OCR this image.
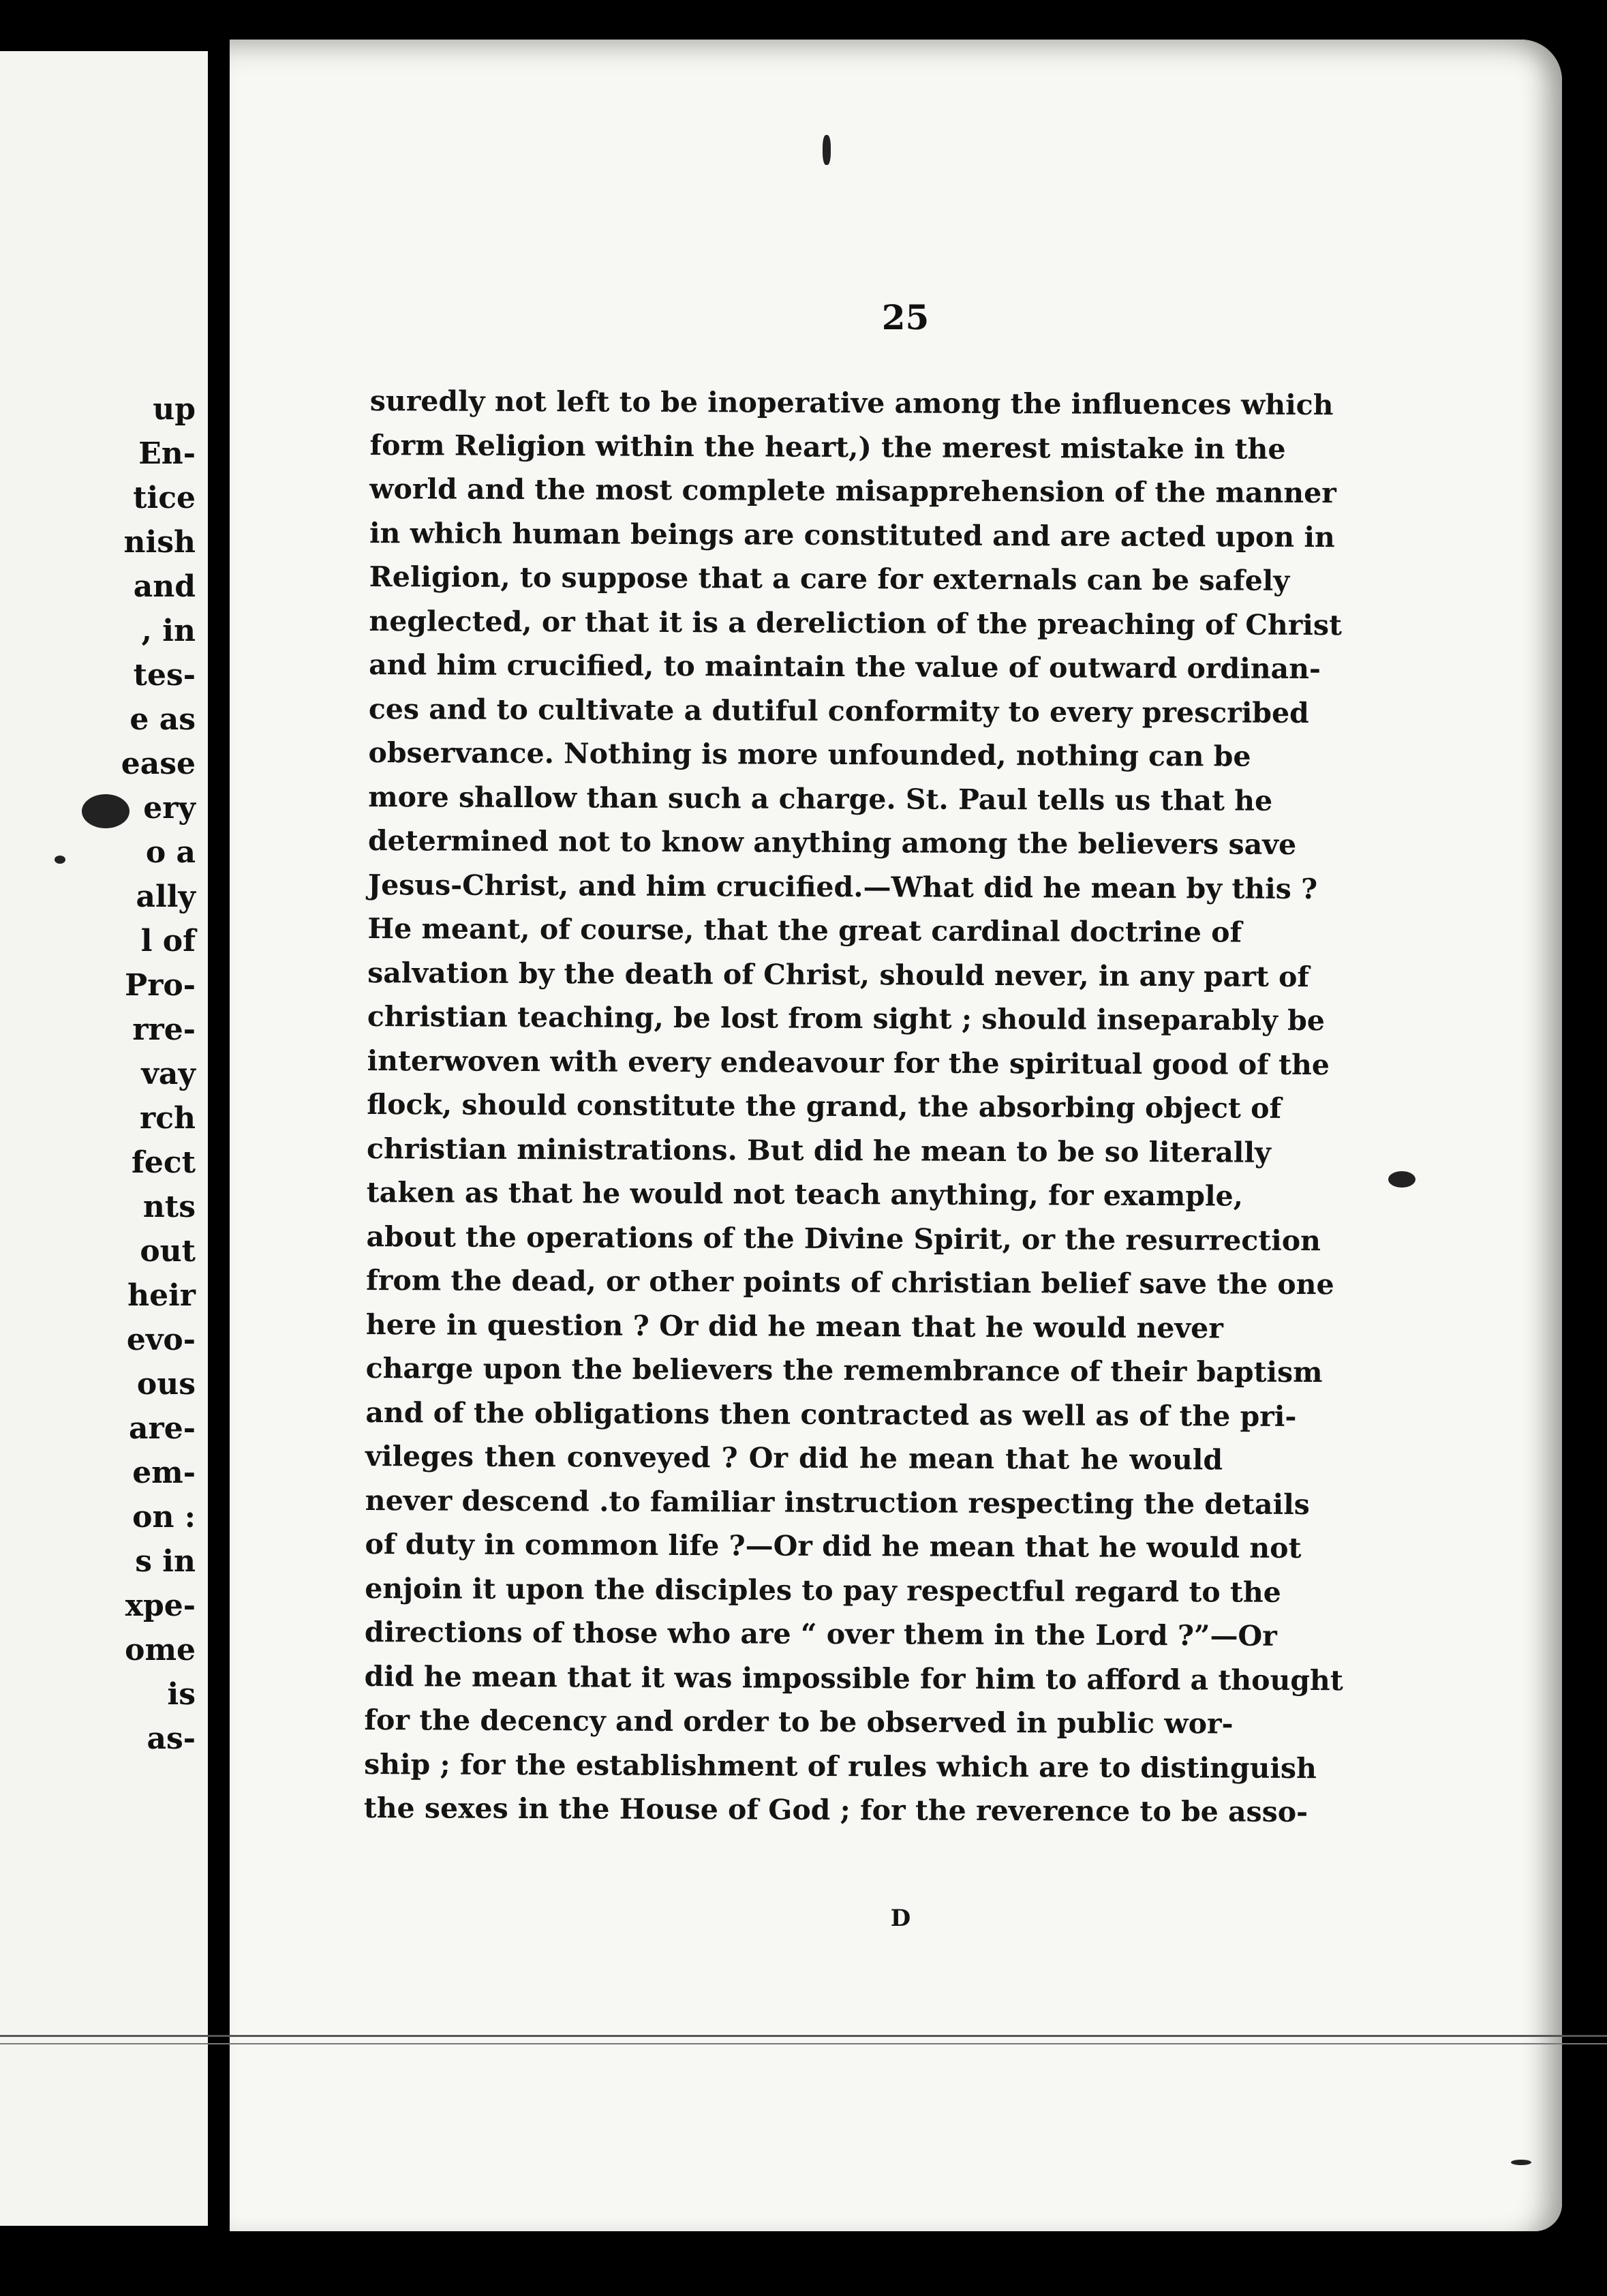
up
En-
tice
nish
and
, in
tes-
e as
ease
ery
o a
ally
l of
Pro-
rre-
vay
rch
fect
nts
out
heir
evo-
ous
are-
em-
on :
s in
xpe-
ome
is
as-
25
suredly not left to be inoperative among the influences which
form Religion within the heart,) the merest mistake in the
world and the most complete misapprehension of the manner
in which human beings are constituted and are acted upon in
Religion, to suppose that a care for externals can be safely
neglected, or that it is a dereliction of the preaching of Christ
and him crucified, to maintain the value of outward ordinan-
ces and to cultivate a dutiful conformity to every prescribed
observance. Nothing is more unfounded, nothing can be
more shallow than such a charge. St. Paul tells us that he
determined not to know anything among the believers save
Jesus-Christ, and him crucified.—What did he mean by this ?
He meant, of course, that the great cardinal doctrine of
salvation by the death of Christ, should never, in any part of
christian teaching, be lost from sight ; should inseparably be
interwoven with every endeavour for the spiritual good of the
flock, should constitute the grand, the absorbing object of
christian ministrations. But did he mean to be so literally
taken as that he would not teach anything, for example,
about the operations of the Divine Spirit, or the resurrection
from the dead, or other points of christian belief save the one
here in question ? Or did he mean that he would never
charge upon the believers the remembrance of their baptism
and of the obligations then contracted as well as of the pri-
vileges then conveyed ? Or did he mean that he would
never descend .to familiar instruction respecting the details
of duty in common life ?—Or did he mean that he would not
enjoin it upon the disciples to pay respectful regard to the
directions of those who are “ over them in the Lord ?”—Or
did he mean that it was impossible for him to afford a thought
for the decency and order to be observed in public wor-
ship ; for the establishment of rules which are to distinguish
the sexes in the House of God ; for the reverence to be asso-
D
